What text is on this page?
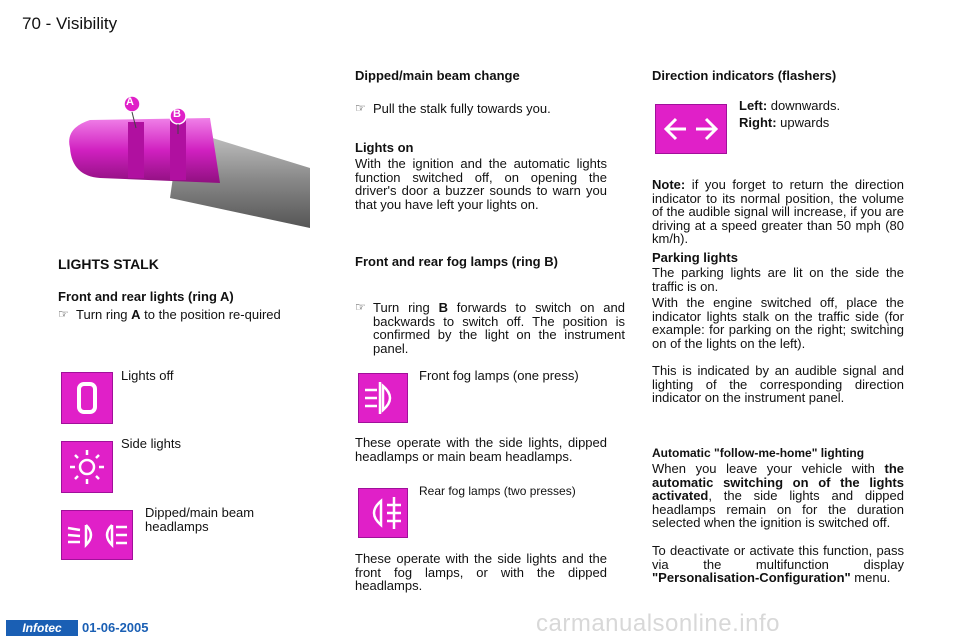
70 - Visibility
A
B
LIGHTS STALK
Front and rear lights (ring A)
☞ Turn ring A to the position re-quired
Lights off
Side lights
Dipped/main beam headlamps
Dipped/main beam change
☞ Pull the stalk fully towards you.
Lights on
With the ignition and the automatic lights function switched off, on opening the driver's door a buzzer sounds to warn you that you have left your lights on.
Front and rear fog lamps (ring B)
☞ Turn ring B forwards to switch on and backwards to switch off. The position is confirmed by the light on the instrument panel.
Front fog lamps (one press)
These operate with the side lights, dipped headlamps or main beam headlamps.
Rear fog lamps (two presses)
These operate with the side lights and the front fog lamps, or with the dipped headlamps.
Direction indicators (flashers)
Left: downwards.
Right: upwards
Note: if you forget to return the direction indicator to its normal position, the volume of the audible signal will increase, if you are driving at a speed greater than 50 mph (80 km/h).
Parking lights
The parking lights are lit on the side the traffic is on.
With the engine switched off, place the indicator lights stalk on the traffic side (for example: for parking on the right; switching on of the lights on the left).
This is indicated by an audible signal and lighting of the corresponding direction indicator on the instrument panel.
Automatic "follow-me-home" lighting
When you leave your vehicle with the automatic switching on of the lights activated, the side lights and dipped headlamps remain on for the duration selected when the ignition is switched off.
To deactivate or activate this function, pass via the multifunction display "Personalisation-Configuration" menu.
Infotec	01-06-2005	carmanualsonline.info
